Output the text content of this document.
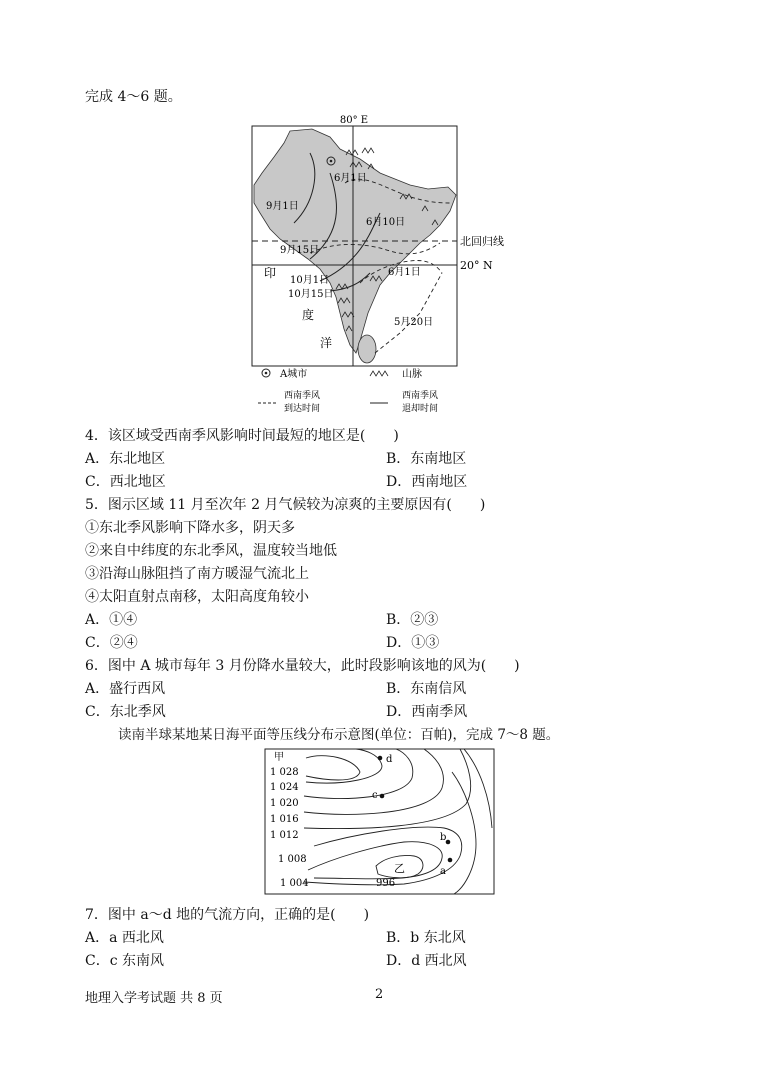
完成 4～6 题。
80° E
北回归线
20° N
6月1日
9月1日
6月10日
9月15日
6月1日
10月1日
10月15日
5月20日
印
度
洋
A城市	山脉
西南季风
到达时间
西南季风
退却时间
4．该区域受西南季风影响时间最短的地区是(　　)
A．东北地区	B．东南地区
C．西北地区	D．西南地区
5．图示区域 11 月至次年 2 月气候较为凉爽的主要原因有(　　)
①东北季风影响下降水多，阴天多
②来自中纬度的东北季风，温度较当地低
③沿海山脉阻挡了南方暖湿气流北上
④太阳直射点南移，太阳高度角较小
A．①④	B．②③
C．②④	D．①③
6．图中 A 城市每年 3 月份降水量较大，此时段影响该地的风为(　　)
A．盛行西风	B．东南信风
C．东北季风	D．西南季风
读南半球某地某日海平面等压线分布示意图(单位：百帕)，完成 7～8 题。
甲
1 028
1 024
1 020
1 016
1 012
1 008
1 004
乙
996
d
c
b
a
7．图中 a～d 地的气流方向，正确的是(　　)
A．a 西北风	B．b 东北风
C．c 东南风	D．d 西北风
地理入学考试题 共 8 页	2
